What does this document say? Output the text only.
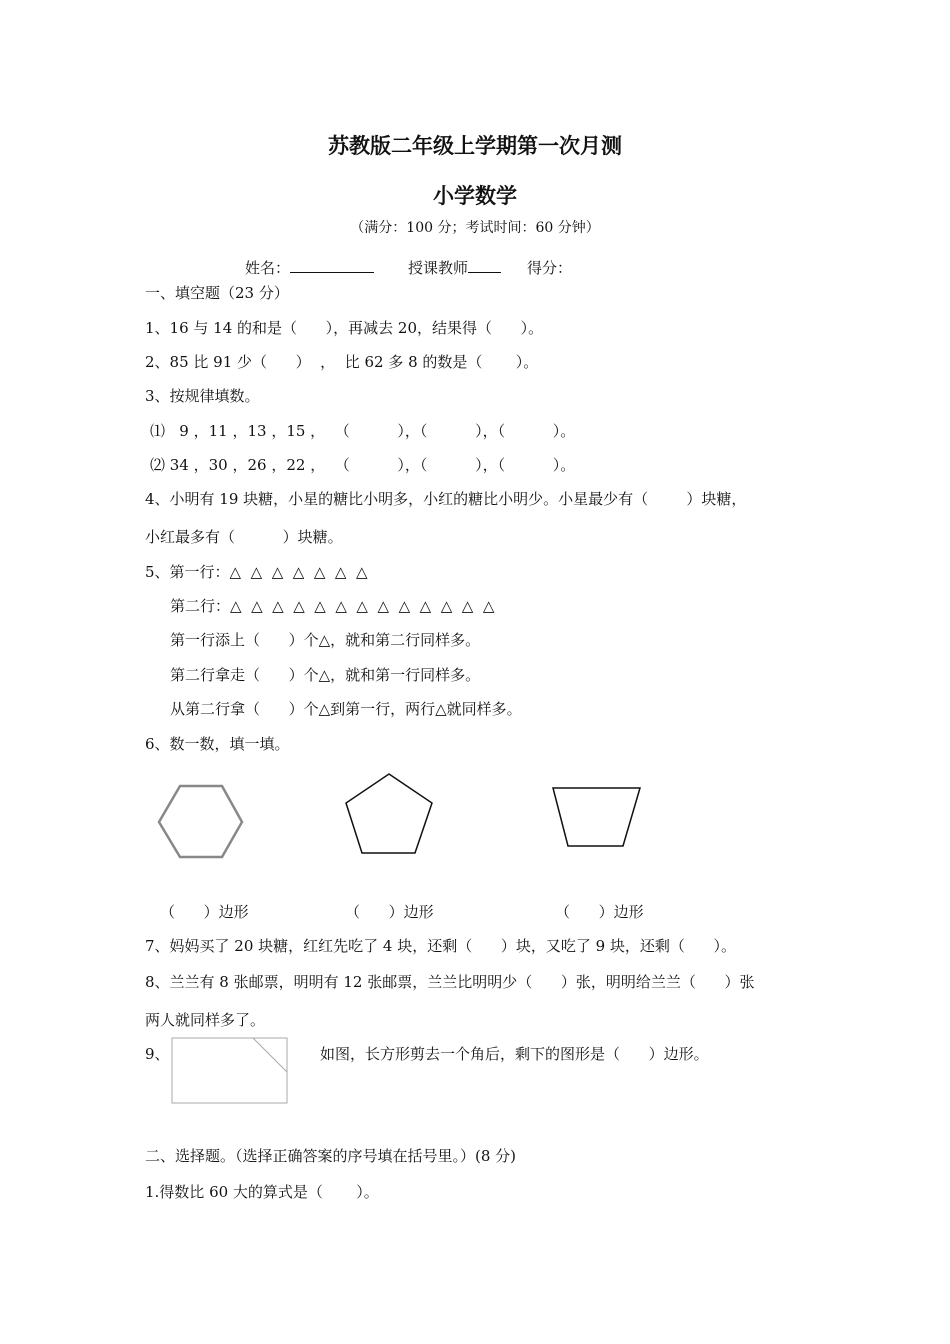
苏教版二年级上学期第一次月测
小学数学
（满分：100 分；考试时间：60 分钟）
姓名：	授课教师	得分：
一、填空题（23 分）
1、16 与 14 的和是（      ），再减去 20，结果得（      ）。
2、85 比 91 少（      ）  ，  比 62 多 8 的数是（       ）。
3、按规律填数。
⑴   9 ，11 ，13 ，15 ，  （          ），（          ），（          ）。
⑵ 34 ，30 ，26 ，22 ，  （          ），（          ），（          ）。
4、小明有 19 块糖，小星的糖比小明多，小红的糖比小明少。小星最少有（        ）块糖，
小红最多有（          ）块糖。
5、第一行：△  △  △  △  △  △  △
第二行：△  △  △  △  △  △  △  △  △  △  △  △  △
第一行添上（      ）个△，就和第二行同样多。
第二行拿走（      ）个△，就和第一行同样多。
从第二行拿（      ）个△到第一行，两行△就同样多。
6、数一数，填一填。
（      ）边形	（      ）边形	（      ）边形
7、妈妈买了 20 块糖，红红先吃了 4 块，还剩（      ）块，又吃了 9 块，还剩（      ）。
8、兰兰有 8 张邮票，明明有 12 张邮票，兰兰比明明少（      ）张，明明给兰兰（      ）张
两人就同样多了。
9、	如图，长方形剪去一个角后，剩下的图形是（      ）边形。
二、选择题。（选择正确答案的序号填在括号里。）(8 分)
1.得数比 60 大的算式是（       ）。
